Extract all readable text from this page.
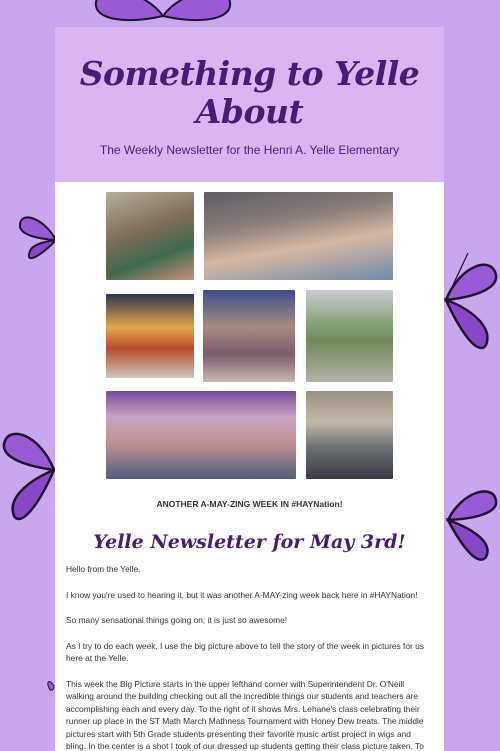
Something to Yelle About
The Weekly Newsletter for the Henri A. Yelle Elementary
ANOTHER A-MAY-ZING WEEK IN #HAYNation!
Yelle Newsletter for May 3rd!

Hello from the Yelle.

I know you're used to hearing it, but it was another A-MAY-zing week back here in #HAYNation!

So many sensational things going on; it is just so awesome!

As I try to do each week, I use the big picture above to tell the story of the week in pictures for us here at the Yelle.

This week the Big Picture starts in the upper lefthand corner with Superintendent Dr. O'Neill walking around the building checking out all the incredible things our students and teachers are accomplishing each and every day. To the right of it shows Mrs. Lehane's class celebrating their runner up place in the ST Math March Mathness Tournament with Honey Dew treats. The middle pictures start with 5th Grade students presenting their favorite music artist project in wigs and bling. In the center is a shot I took of our dressed up students getting their class picture taken. To
